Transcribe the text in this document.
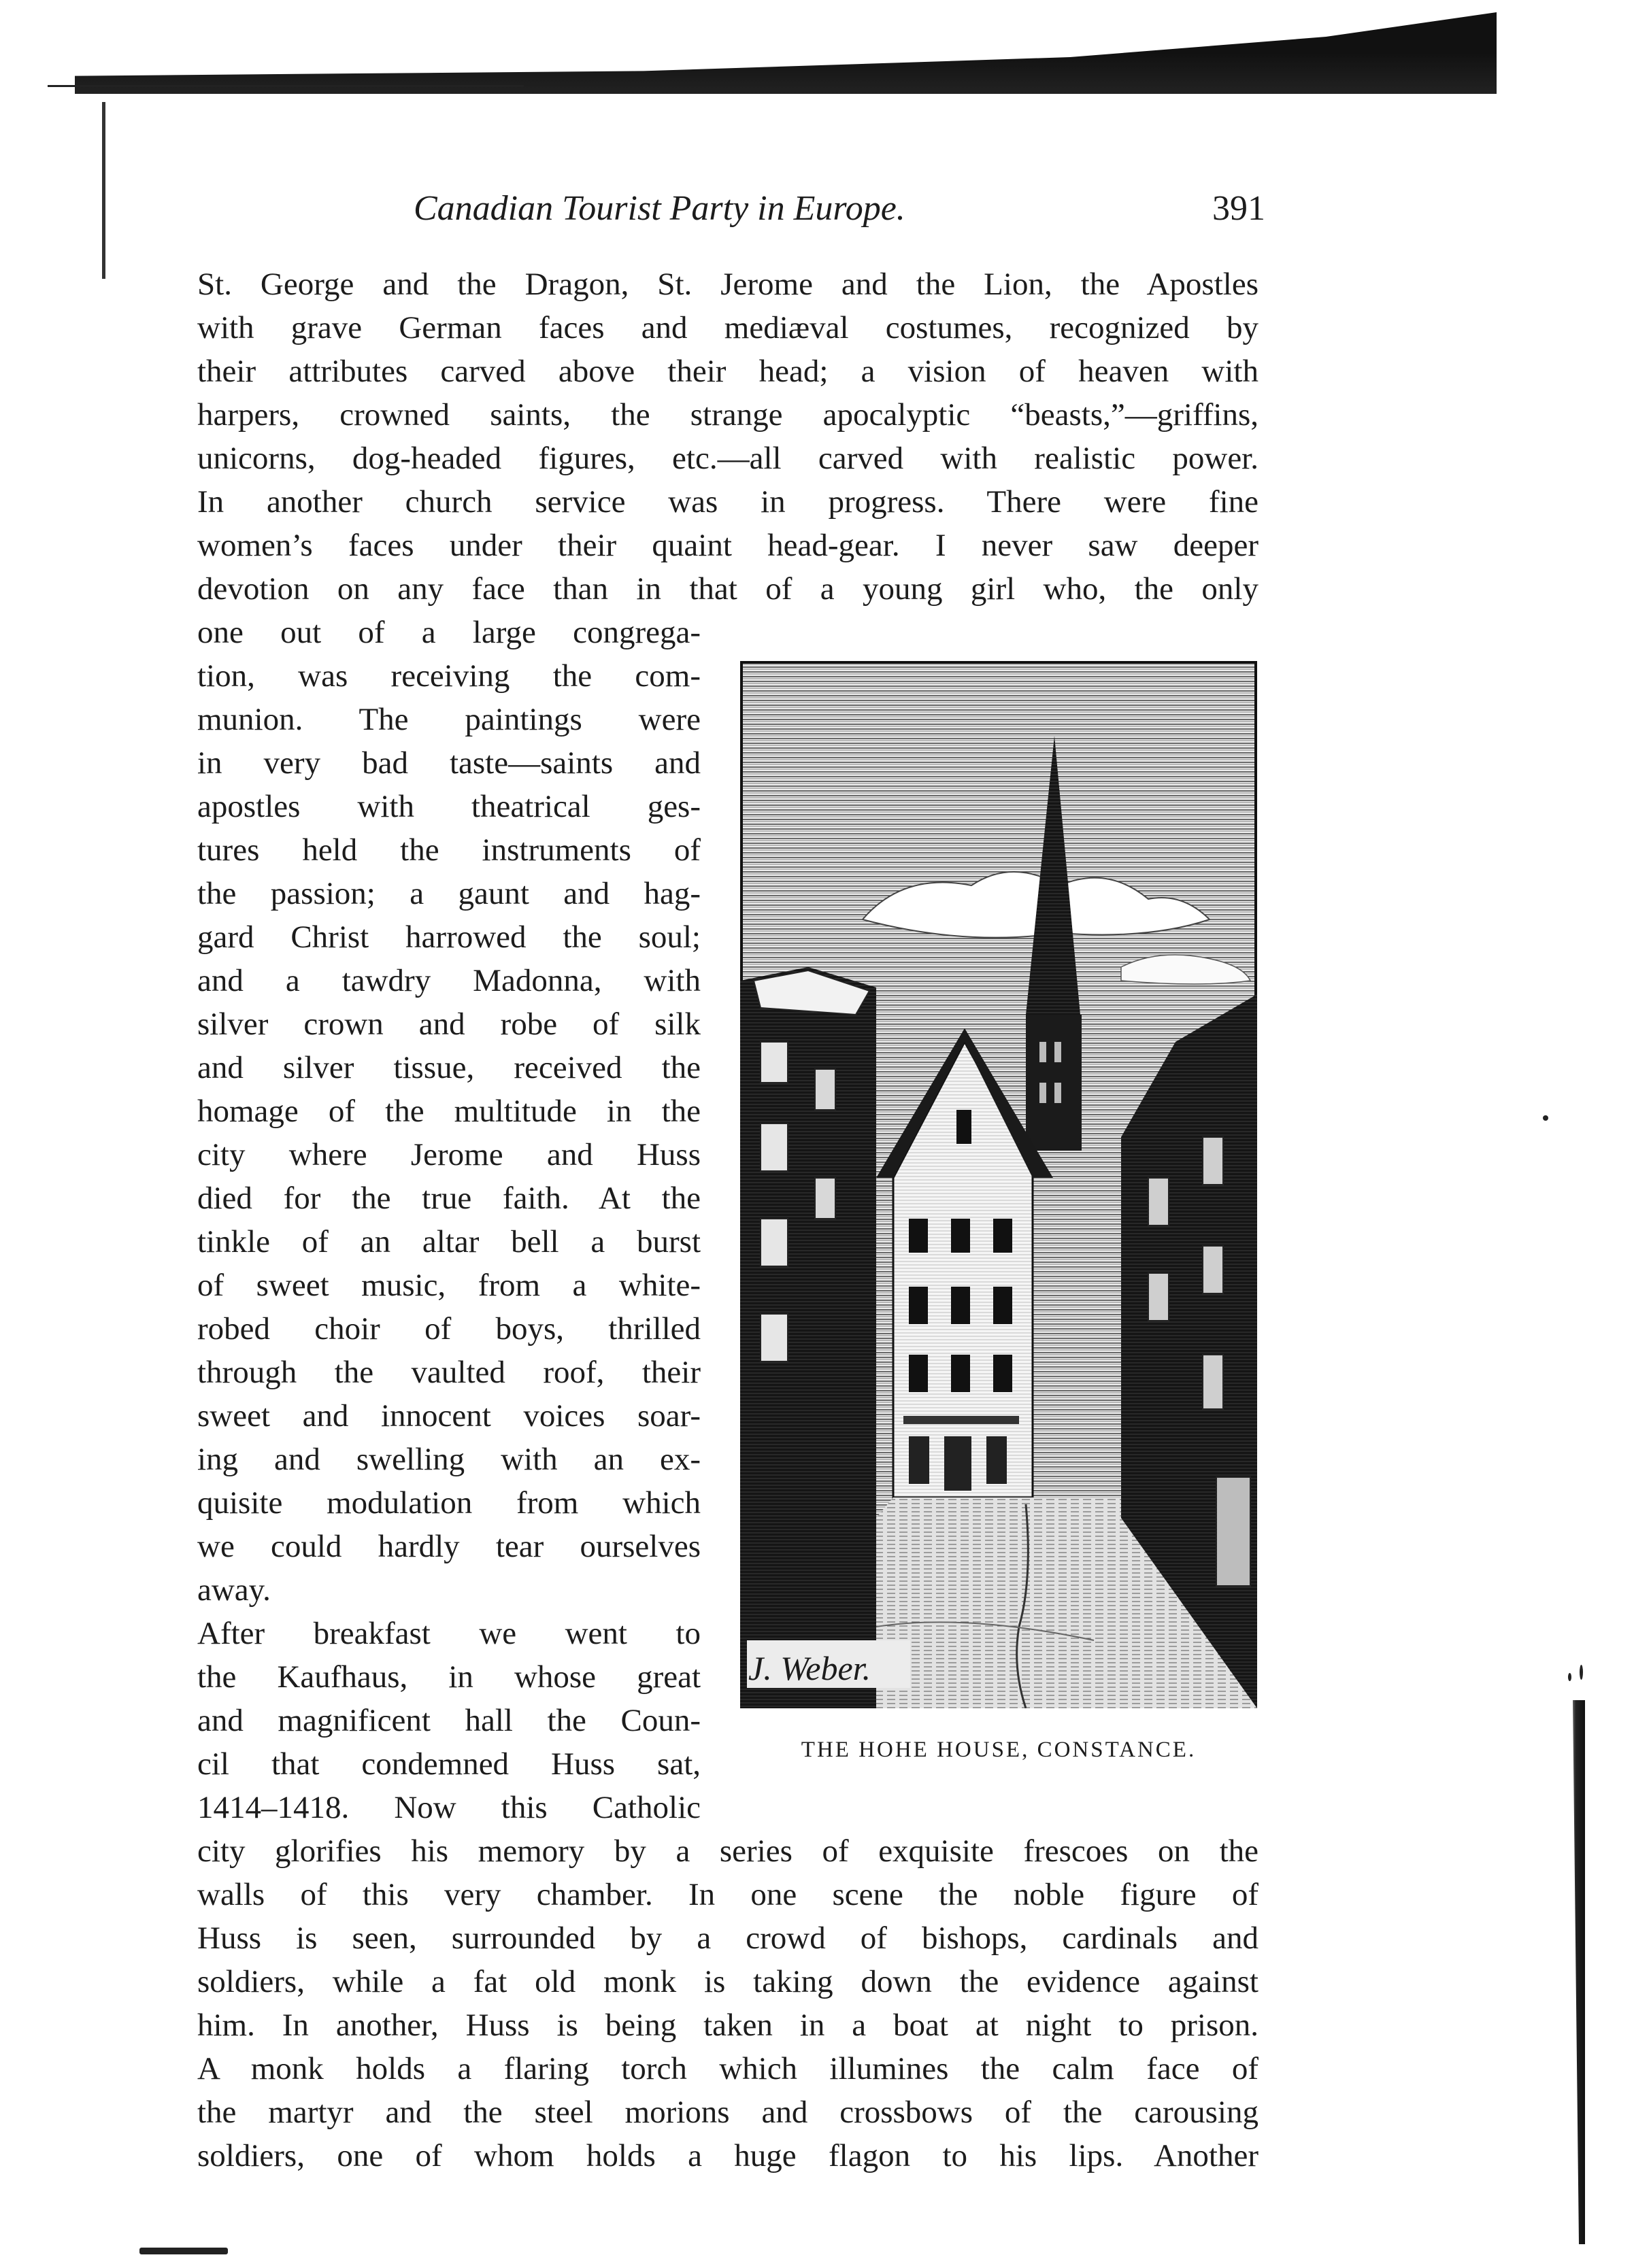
Canadian Tourist Party in Europe.	391
St. George and the Dragon, St. Jerome and the Lion, the Apostles
with grave German faces and mediæval costumes, recognized by
their attributes carved above their head; a vision of heaven with
harpers, crowned saints, the strange apocalyptic “beasts,”—griffins,
unicorns, dog-headed figures, etc.—all carved with realistic power.
In another church service was in progress. There were fine
women’s faces under their quaint head-gear. I never saw deeper
devotion on any face than in that of a young girl who, the only
one out of a large congrega-
tion, was receiving the com-
munion. The paintings were
in very bad taste—saints and
apostles with theatrical ges-
tures held the instruments of
the passion; a gaunt and hag-
gard Christ harrowed the soul;
and a tawdry Madonna, with
silver crown and robe of silk
and silver tissue, received the
homage of the multitude in the
city where Jerome and Huss
died for the true faith. At the
tinkle of an altar bell a burst
of sweet music, from a white-
robed choir of boys, thrilled
through the vaulted roof, their
sweet and innocent voices soar-
ing and swelling with an ex-
quisite modulation from which
we could hardly tear ourselves
away.
After breakfast we went to
the Kaufhaus, in whose great
and magnificent hall the Coun-
cil that condemned Huss sat,
1414–1418. Now this Catholic
city glorifies his memory by a series of exquisite frescoes on the
walls of this very chamber. In one scene the noble figure of
Huss is seen, surrounded by a crowd of bishops, cardinals and
soldiers, while a fat old monk is taking down the evidence against
him. In another, Huss is being taken in a boat at night to prison.
A monk holds a flaring torch which illumines the calm face of
the martyr and the steel morions and crossbows of the carousing
soldiers, one of whom holds a huge flagon to his lips. Another
J. Weber.
THE HOHE HOUSE, CONSTANCE.
